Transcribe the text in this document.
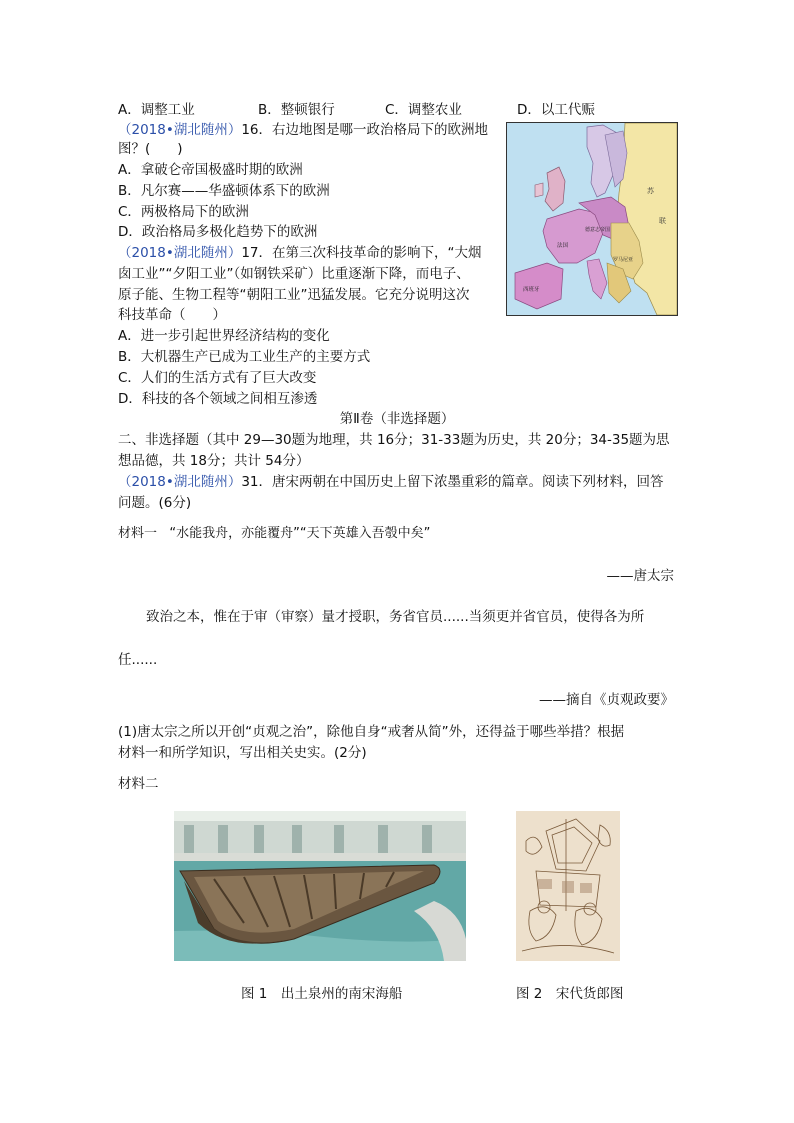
A．调整工业	B．整顿银行	C．调整农业	D．以工代赈
（2018•湖北随州）16．右边地图是哪一政治格局下的欧洲地
图？(　　)
A．拿破仑帝国极盛时期的欧洲
B．凡尔赛——华盛顿体系下的欧洲
C．两极格局下的欧洲
D．政治格局多极化趋势下的欧洲
苏
联
德意志帝国
罗马尼亚
西班牙
法国
（2018•湖北随州）17．在第三次科技革命的影响下，“大烟
囱工业”“夕阳工业”（如钢铁采矿）比重逐渐下降，而电子、
原子能、生物工程等“朝阳工业”迅猛发展。它充分说明这次
科技革命（　　）
A．进一步引起世界经济结构的变化
B．大机器生产已成为工业生产的主要方式
C．人们的生活方式有了巨大改变
D．科技的各个领域之间相互渗透
第Ⅱ卷（非选择题）
二、非选择题（其中 29—30题为地理，共 16分；31-33题为历史，共 20分；34-35题为思
想品德，共 18分；共计 54分）
（2018•湖北随州）31．唐宋两朝在中国历史上留下浓墨重彩的篇章。阅读下列材料，回答
问题。(6分)
材料一 “水能我舟，亦能覆舟”“天下英雄入吾彀中矣”
——唐太宗
致治之本，惟在于审（审察）量才授职，务省官员......当须更并省官员，使得各为所
任......
——摘自《贞观政要》
(1)唐太宗之所以开创“贞观之治”，除他自身“戒奢从简”外，还得益于哪些举措？根据
材料一和所学知识，写出相关史实。(2分)
材料二
图 1　出土泉州的南宋海船	图 2　宋代货郎图
